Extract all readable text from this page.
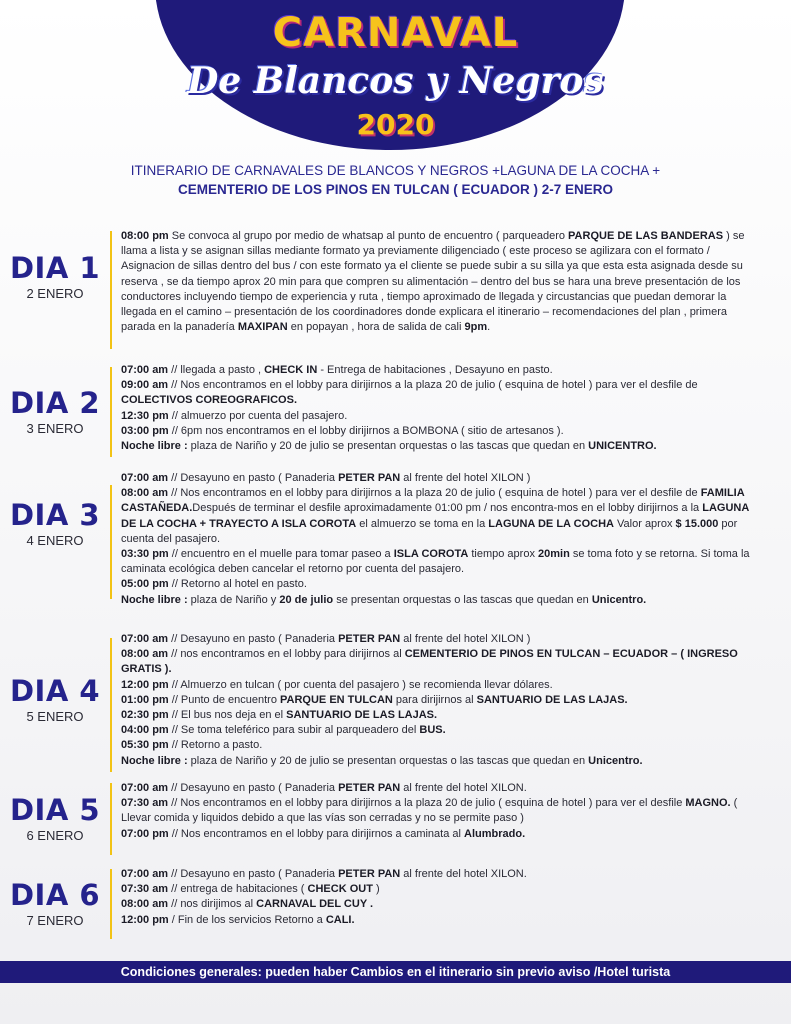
CARNAVAL
De Blancos y Negros
2020
ITINERARIO DE CARNAVALES DE BLANCOS Y NEGROS +LAGUNA DE LA COCHA +
CEMENTERIO DE LOS PINOS EN TULCAN ( ECUADOR ) 2-7 ENERO
DIA 1
2 ENERO
08:00 pm Se convoca al grupo por medio de whatsap al punto de encuentro ( parqueadero PARQUE DE LAS BANDERAS ) se llama a lista y se asignan sillas mediante formato ya previamente diligenciado ( este proceso se agilizara con el formato / Asignacion de sillas dentro del bus / con este formato ya el cliente se puede subir a su silla ya que esta esta asignada desde su reserva , se da tiempo aprox 20 min para que compren su alimentación – dentro del bus se hara una breve presentación de los conductores incluyendo tiempo de experiencia y ruta , tiempo aproximado de llegada y circustancias que puedan demorar la llegada en el camino – presentación de los coordinadores donde explicara el itinerario – recomendaciones del plan , primera parada en la panadería MAXIPAN en popayan , hora de salida de cali 9pm.
DIA 2
3 ENERO
07:00 am // llegada a pasto , CHECK IN - Entrega de habitaciones , Desayuno en pasto.
09:00 am // Nos encontramos en el lobby para dirijirnos a la plaza 20 de julio ( esquina de hotel ) para ver el desfile de COLECTIVOS COREOGRAFICOS.
12:30 pm // almuerzo por cuenta del pasajero.
03:00 pm // 6pm nos encontramos en el lobby dirijirnos a BOMBONA ( sitio de artesanos ).
Noche libre : plaza de Nariño y 20 de julio se presentan orquestas o las tascas que quedan en UNICENTRO.
DIA 3
4 ENERO
07:00 am // Desayuno en pasto ( Panaderia PETER PAN al frente del hotel XILON )
08:00 am // Nos encontramos en el lobby para dirijirnos a la plaza 20 de julio ( esquina de hotel ) para ver el desfile de FAMILIA CASTAÑEDA.Después de terminar el desfile aproximadamente 01:00 pm / nos encontra-mos en el lobby dirijirnos a la LAGUNA DE LA COCHA + TRAYECTO A ISLA COROTA el almuerzo se toma en la LAGUNA DE LA COCHA Valor aprox $ 15.000 por cuenta del pasajero.
03:30 pm // encuentro en el muelle para tomar paseo a ISLA COROTA tiempo aprox 20min se toma foto y se retorna. Si toma la caminata ecológica deben cancelar el retorno por cuenta del pasajero.
05:00 pm // Retorno al hotel en pasto.
Noche libre : plaza de Nariño y 20 de julio se presentan orquestas o las tascas que quedan en Unicentro.
DIA 4
5 ENERO
07:00 am // Desayuno en pasto ( Panaderia PETER PAN al frente del hotel XILON )
08:00 am // nos encontramos en el lobby para dirijirnos al CEMENTERIO DE PINOS EN TULCAN – ECUADOR – ( INGRESO GRATIS ).
12:00 pm // Almuerzo en tulcan ( por cuenta del pasajero ) se recomienda llevar dólares.
01:00 pm // Punto de encuentro PARQUE EN TULCAN para dirijirnos al SANTUARIO DE LAS LAJAS.
02:30 pm // El bus nos deja en el SANTUARIO DE LAS LAJAS.
04:00 pm // Se toma teleférico para subir al parqueadero del BUS.
05:30 pm // Retorno a pasto.
Noche libre : plaza de Nariño y 20 de julio se presentan orquestas o las tascas que quedan en Unicentro.
DIA 5
6 ENERO
07:00 am // Desayuno en pasto ( Panaderia PETER PAN al frente del hotel XILON.
07:30 am // Nos encontramos en el lobby para dirijirnos a la plaza 20 de julio ( esquina de hotel ) para ver el desfile MAGNO. ( Llevar comida y liquidos debido a que las vías son cerradas y no se permite paso )
07:00 pm // Nos encontramos en el lobby para dirijirnos a caminata al Alumbrado.
DIA 6
7 ENERO
07:00 am // Desayuno en pasto ( Panaderia PETER PAN al frente del hotel XILON.
07:30 am // entrega de habitaciones ( CHECK OUT )
08:00 am // nos dirijimos al CARNAVAL DEL CUY .
12:00 pm / Fin de los servicios Retorno a CALI.
Condiciones generales: pueden haber Cambios en el itinerario sin previo aviso /Hotel turista
